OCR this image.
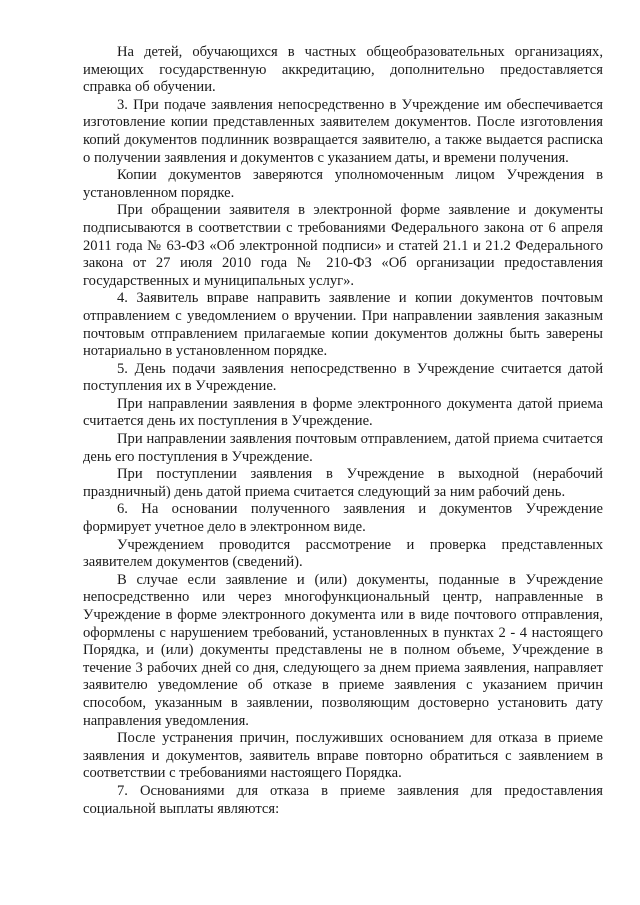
На детей, обучающихся в частных общеобразовательных организациях, имеющих государственную аккредитацию, дополнительно предоставляется справка об обучении.

3. При подаче заявления непосредственно в Учреждение им обеспечивается изготовление копии представленных заявителем документов. После изготовления копий документов подлинник возвращается заявителю, а также выдается расписка о получении заявления и документов с указанием даты, и времени получения.

Копии документов заверяются уполномоченным лицом Учреждения в установленном порядке.

При обращении заявителя в электронной форме заявление и документы подписываются в соответствии с требованиями Федерального закона от 6 апреля 2011 года № 63-ФЗ «Об электронной подписи» и статей 21.1 и 21.2 Федерального закона от 27 июля 2010 года № 210-ФЗ «Об организации предоставления государственных и муниципальных услуг».

4. Заявитель вправе направить заявление и копии документов почтовым отправлением с уведомлением о вручении. При направлении заявления заказным почтовым отправлением прилагаемые копии документов должны быть заверены нотариально в установленном порядке.

5. День подачи заявления непосредственно в Учреждение считается датой поступления их в Учреждение.

При направлении заявления в форме электронного документа датой приема считается день их поступления в Учреждение.

При направлении заявления почтовым отправлением, датой приема считается день его поступления в Учреждение.

При поступлении заявления в Учреждение в выходной (нерабочий праздничный) день датой приема считается следующий за ним рабочий день.

6. На основании полученного заявления и документов Учреждение формирует учетное дело в электронном виде.

Учреждением проводится рассмотрение и проверка представленных заявителем документов (сведений).

В случае если заявление и (или) документы, поданные в Учреждение непосредственно или через многофункциональный центр, направленные в Учреждение в форме электронного документа или в виде почтового отправления, оформлены с нарушением требований, установленных в пунктах 2 - 4 настоящего Порядка, и (или) документы представлены не в полном объеме, Учреждение в течение 3 рабочих дней со дня, следующего за днем приема заявления, направляет заявителю уведомление об отказе в приеме заявления с указанием причин способом, указанным в заявлении, позволяющим достоверно установить дату направления уведомления.

После устранения причин, послуживших основанием для отказа в приеме заявления и документов, заявитель вправе повторно обратиться с заявлением в соответствии с требованиями настоящего Порядка.

7. Основаниями для отказа в приеме заявления для предоставления социальной выплаты являются:
